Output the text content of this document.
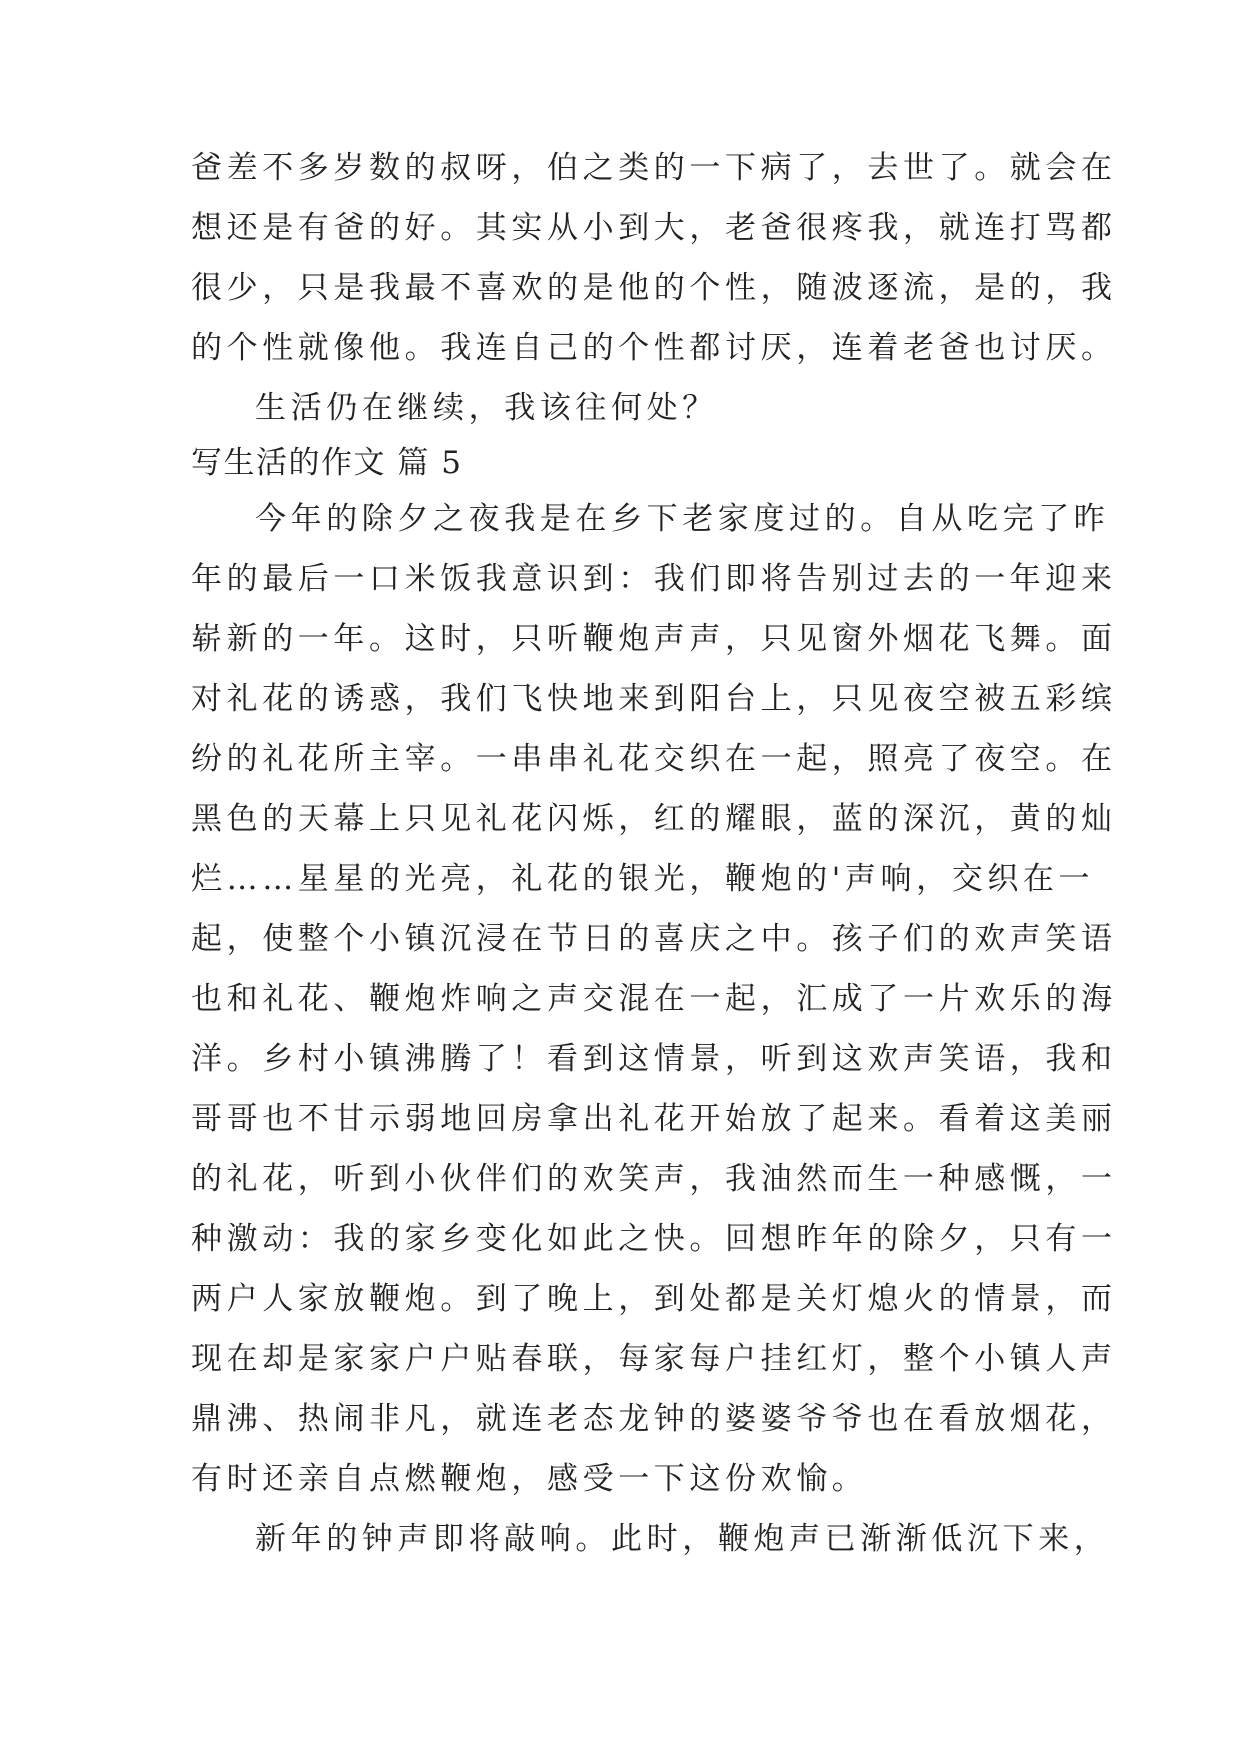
爸差不多岁数的叔呀，伯之类的一下病了，去世了。就会在
想还是有爸的好。其实从小到大，老爸很疼我，就连打骂都
很少，只是我最不喜欢的是他的个性，随波逐流，是的，我
的个性就像他。我连自己的个性都讨厌，连着老爸也讨厌。
生活仍在继续，我该往何处？
写生活的作文 篇 5
今年的除夕之夜我是在乡下老家度过的。自从吃完了昨
年的最后一口米饭我意识到：我们即将告别过去的一年迎来
崭新的一年。这时，只听鞭炮声声，只见窗外烟花飞舞。面
对礼花的诱惑，我们飞快地来到阳台上，只见夜空被五彩缤
纷的礼花所主宰。一串串礼花交织在一起，照亮了夜空。在
黑色的天幕上只见礼花闪烁，红的耀眼，蓝的深沉，黄的灿
烂……星星的光亮，礼花的银光，鞭炮的'声响，交织在一
起，使整个小镇沉浸在节日的喜庆之中。孩子们的欢声笑语
也和礼花、鞭炮炸响之声交混在一起，汇成了一片欢乐的海
洋。乡村小镇沸腾了！看到这情景，听到这欢声笑语，我和
哥哥也不甘示弱地回房拿出礼花开始放了起来。看着这美丽
的礼花，听到小伙伴们的欢笑声，我油然而生一种感慨，一
种激动：我的家乡变化如此之快。回想昨年的除夕，只有一
两户人家放鞭炮。到了晚上，到处都是关灯熄火的情景，而
现在却是家家户户贴春联，每家每户挂红灯，整个小镇人声
鼎沸、热闹非凡，就连老态龙钟的婆婆爷爷也在看放烟花，
有时还亲自点燃鞭炮，感受一下这份欢愉。
新年的钟声即将敲响。此时，鞭炮声已渐渐低沉下来，
